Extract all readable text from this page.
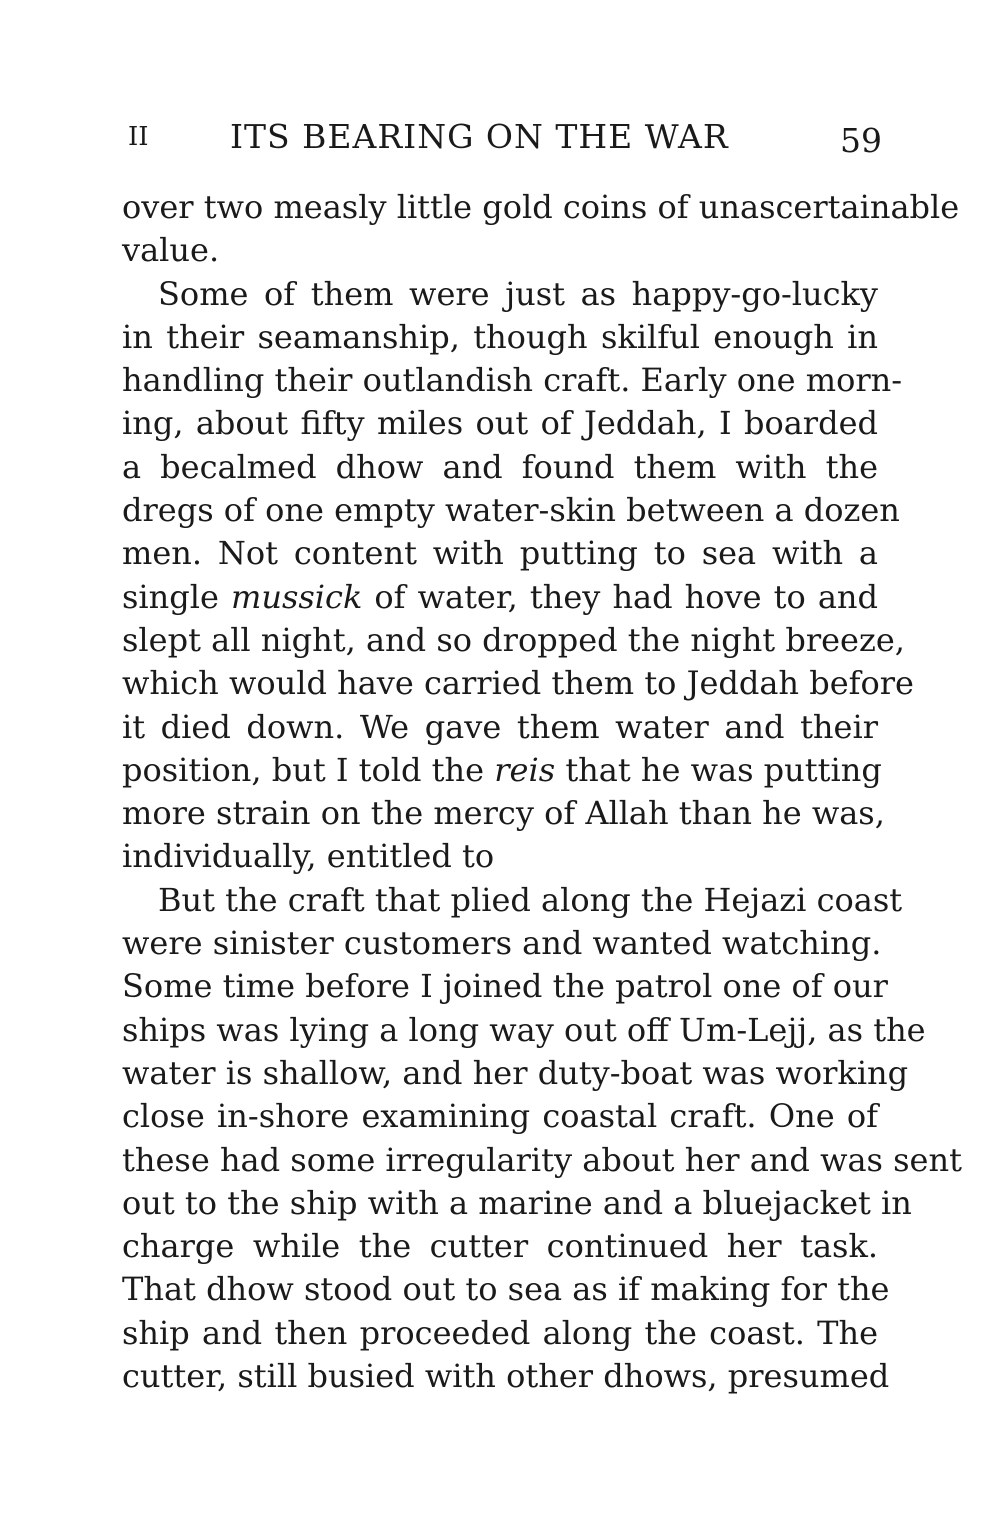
II ITS BEARING ON THE WAR	59

over two measly little gold coins of unascertainable
value.

Some of them were just as happy-go-lucky
in their seamanship, though skilful enough in
handling their outlandish craft. Early one morn-
ing, about fifty miles out of Jeddah, I boarded
a becalmed dhow and found them with the
dregs of one empty water-skin between a dozen
men. Not content with putting to sea with a
single mussick of water, they had hove to and
slept all night, and so dropped the night breeze,
which would have carried them to Jeddah before
it died down. We gave them water and their
position, but I told the reis that he was putting
more strain on the mercy of Allah than he was,
individually, entitled to

But the craft that plied along the Hejazi coast
were sinister customers and wanted watching.
Some time before I joined the patrol one of our
ships was lying a long way out off Um-Lejj, as the
water is shallow, and her duty-boat was working
close in-shore examining coastal craft. One of
these had some irregularity about her and was sent
out to the ship with a marine and a bluejacket in
charge while the cutter continued her task.
That dhow stood out to sea as if making for the
ship and then proceeded along the coast. The
cutter, still busied with other dhows, presumed
